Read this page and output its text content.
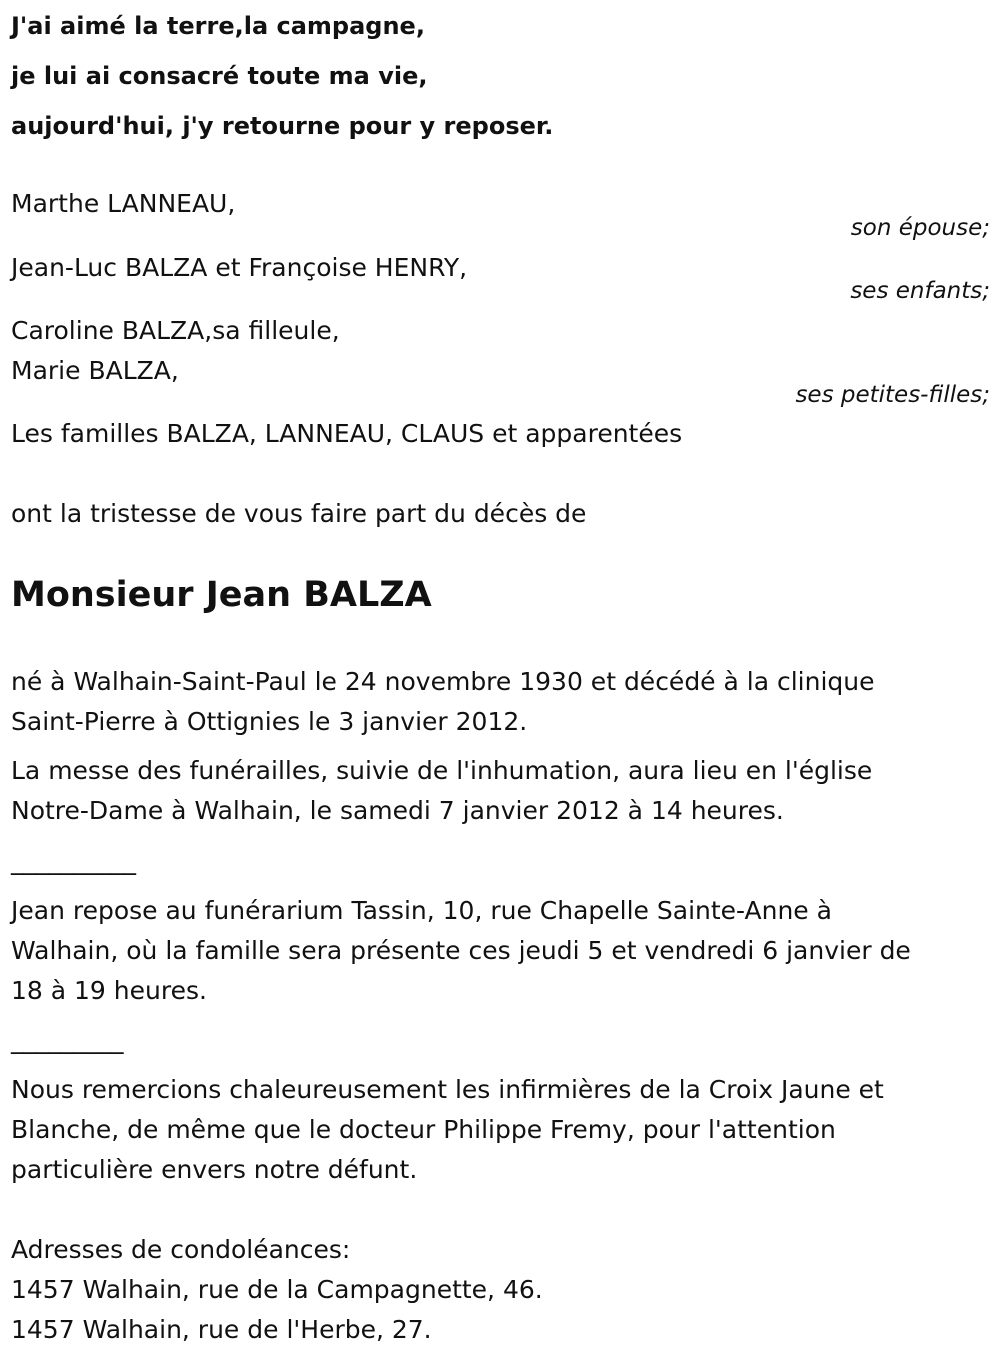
J'ai aimé la terre,la campagne,
je lui ai consacré toute ma vie,
aujourd'hui, j'y retourne pour y reposer.
Marthe LANNEAU,
son épouse;
Jean-Luc BALZA et Françoise HENRY,
ses enfants;
Caroline BALZA,sa filleule,
Marie BALZA,
ses petites-filles;
Les familles BALZA, LANNEAU, CLAUS et apparentées
ont la tristesse de vous faire part du décès de
Monsieur Jean BALZA
né à Walhain-Saint-Paul le 24 novembre 1930 et décédé à la clinique
Saint-Pierre à Ottignies le 3 janvier 2012.
La messe des funérailles, suivie de l'inhumation, aura lieu en l'église
Notre-Dame à Walhain, le samedi 7 janvier 2012 à 14 heures.
__________
Jean repose au funérarium Tassin, 10, rue Chapelle Sainte-Anne à
Walhain, où la famille sera présente ces jeudi 5 et vendredi 6 janvier de
18 à 19 heures.
_________
Nous remercions chaleureusement les infirmières de la Croix Jaune et
Blanche, de même que le docteur Philippe Fremy, pour l'attention
particulière envers notre défunt.
Adresses de condoléances:
1457 Walhain, rue de la Campagnette, 46.
1457 Walhain, rue de l'Herbe, 27.
